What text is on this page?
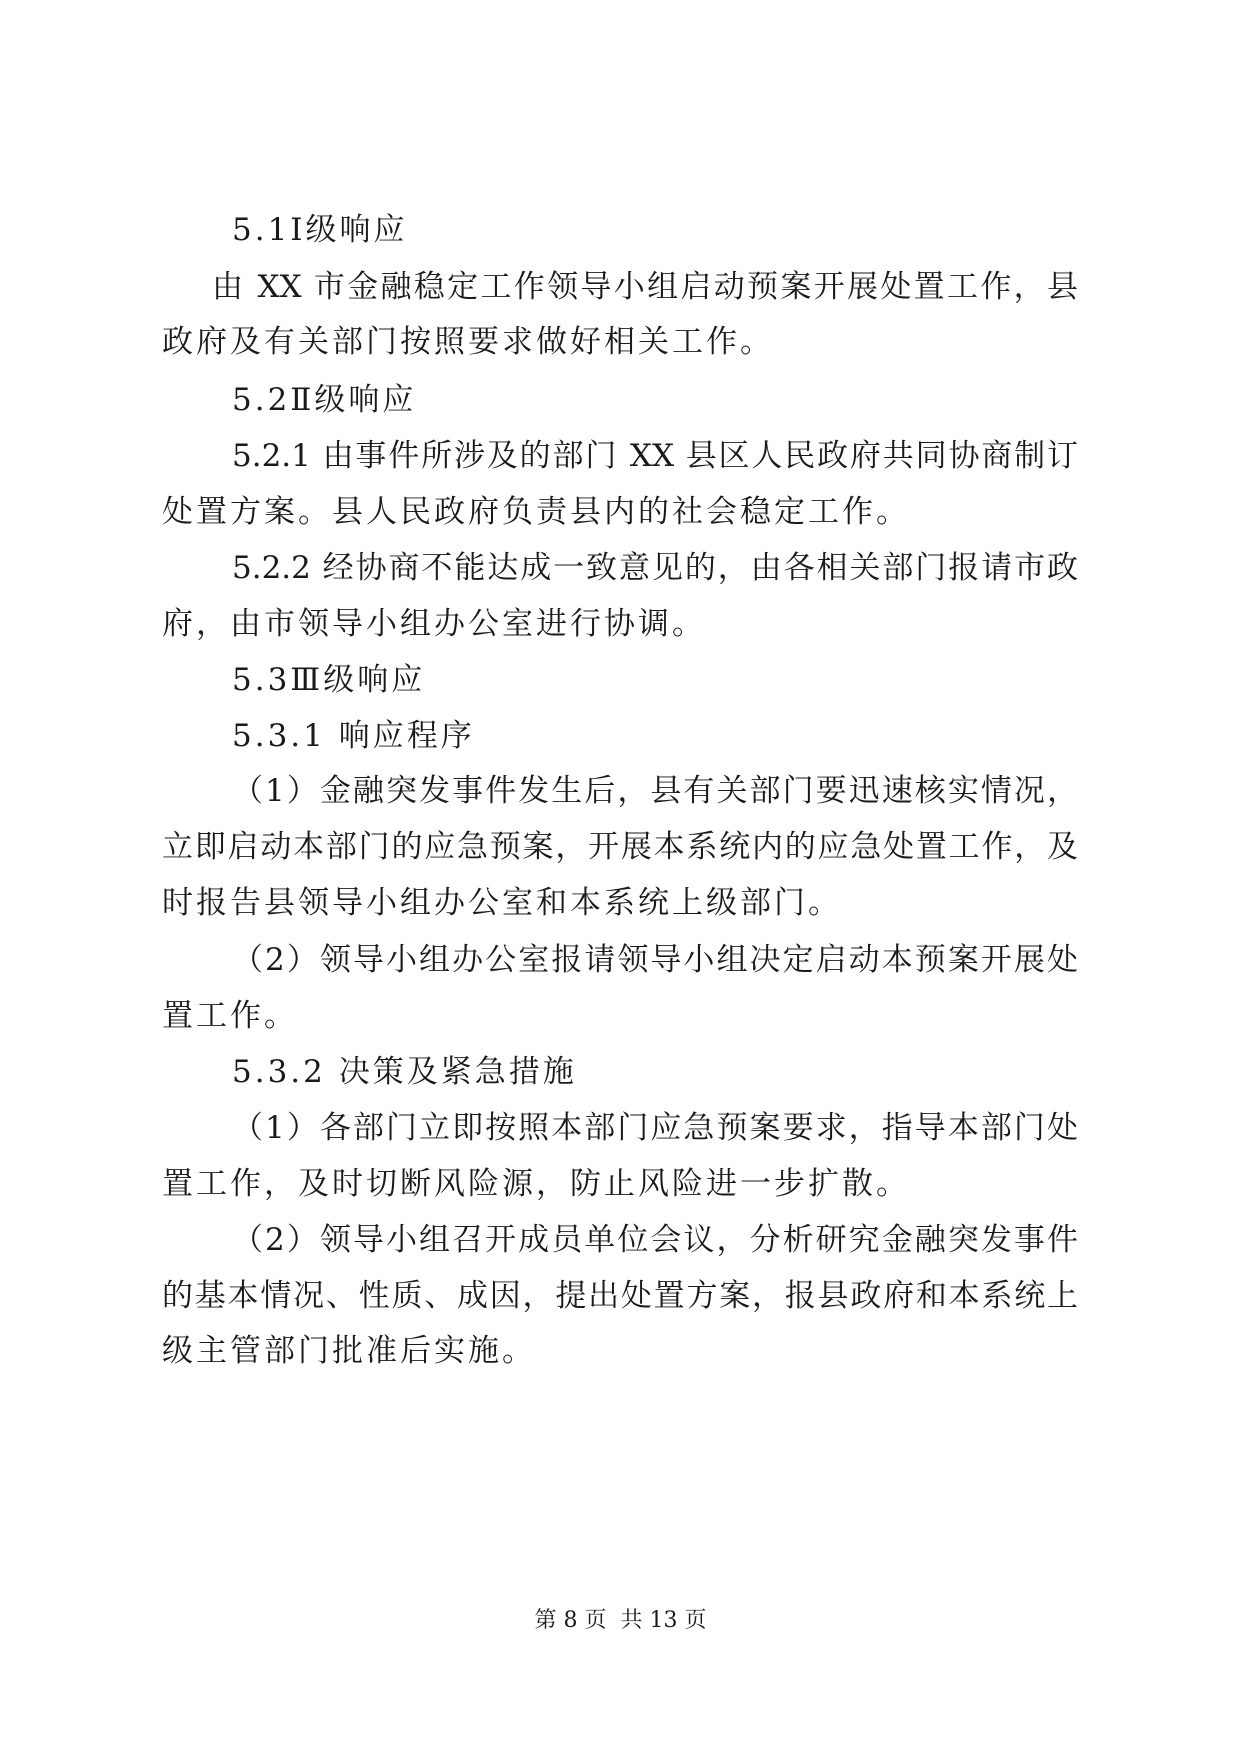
5.1Ⅰ级响应
由 XX 市金融稳定工作领导小组启动预案开展处置工作，县
政府及有关部门按照要求做好相关工作。
5.2Ⅱ级响应
5.2.1 由事件所涉及的部门 XX 县区人民政府共同协商制订
处置方案。县人民政府负责县内的社会稳定工作。
5.2.2 经协商不能达成一致意见的，由各相关部门报请市政
府，由市领导小组办公室进行协调。
5.3Ⅲ级响应
5.3.1 响应程序
（1）金融突发事件发生后，县有关部门要迅速核实情况，
立即启动本部门的应急预案，开展本系统内的应急处置工作，及
时报告县领导小组办公室和本系统上级部门。
（2）领导小组办公室报请领导小组决定启动本预案开展处
置工作。
5.3.2 决策及紧急措施
（1）各部门立即按照本部门应急预案要求，指导本部门处
置工作，及时切断风险源，防止风险进一步扩散。
（2）领导小组召开成员单位会议，分析研究金融突发事件
的基本情况、性质、成因，提出处置方案，报县政府和本系统上
级主管部门批准后实施。
第 8 页  共 13 页
